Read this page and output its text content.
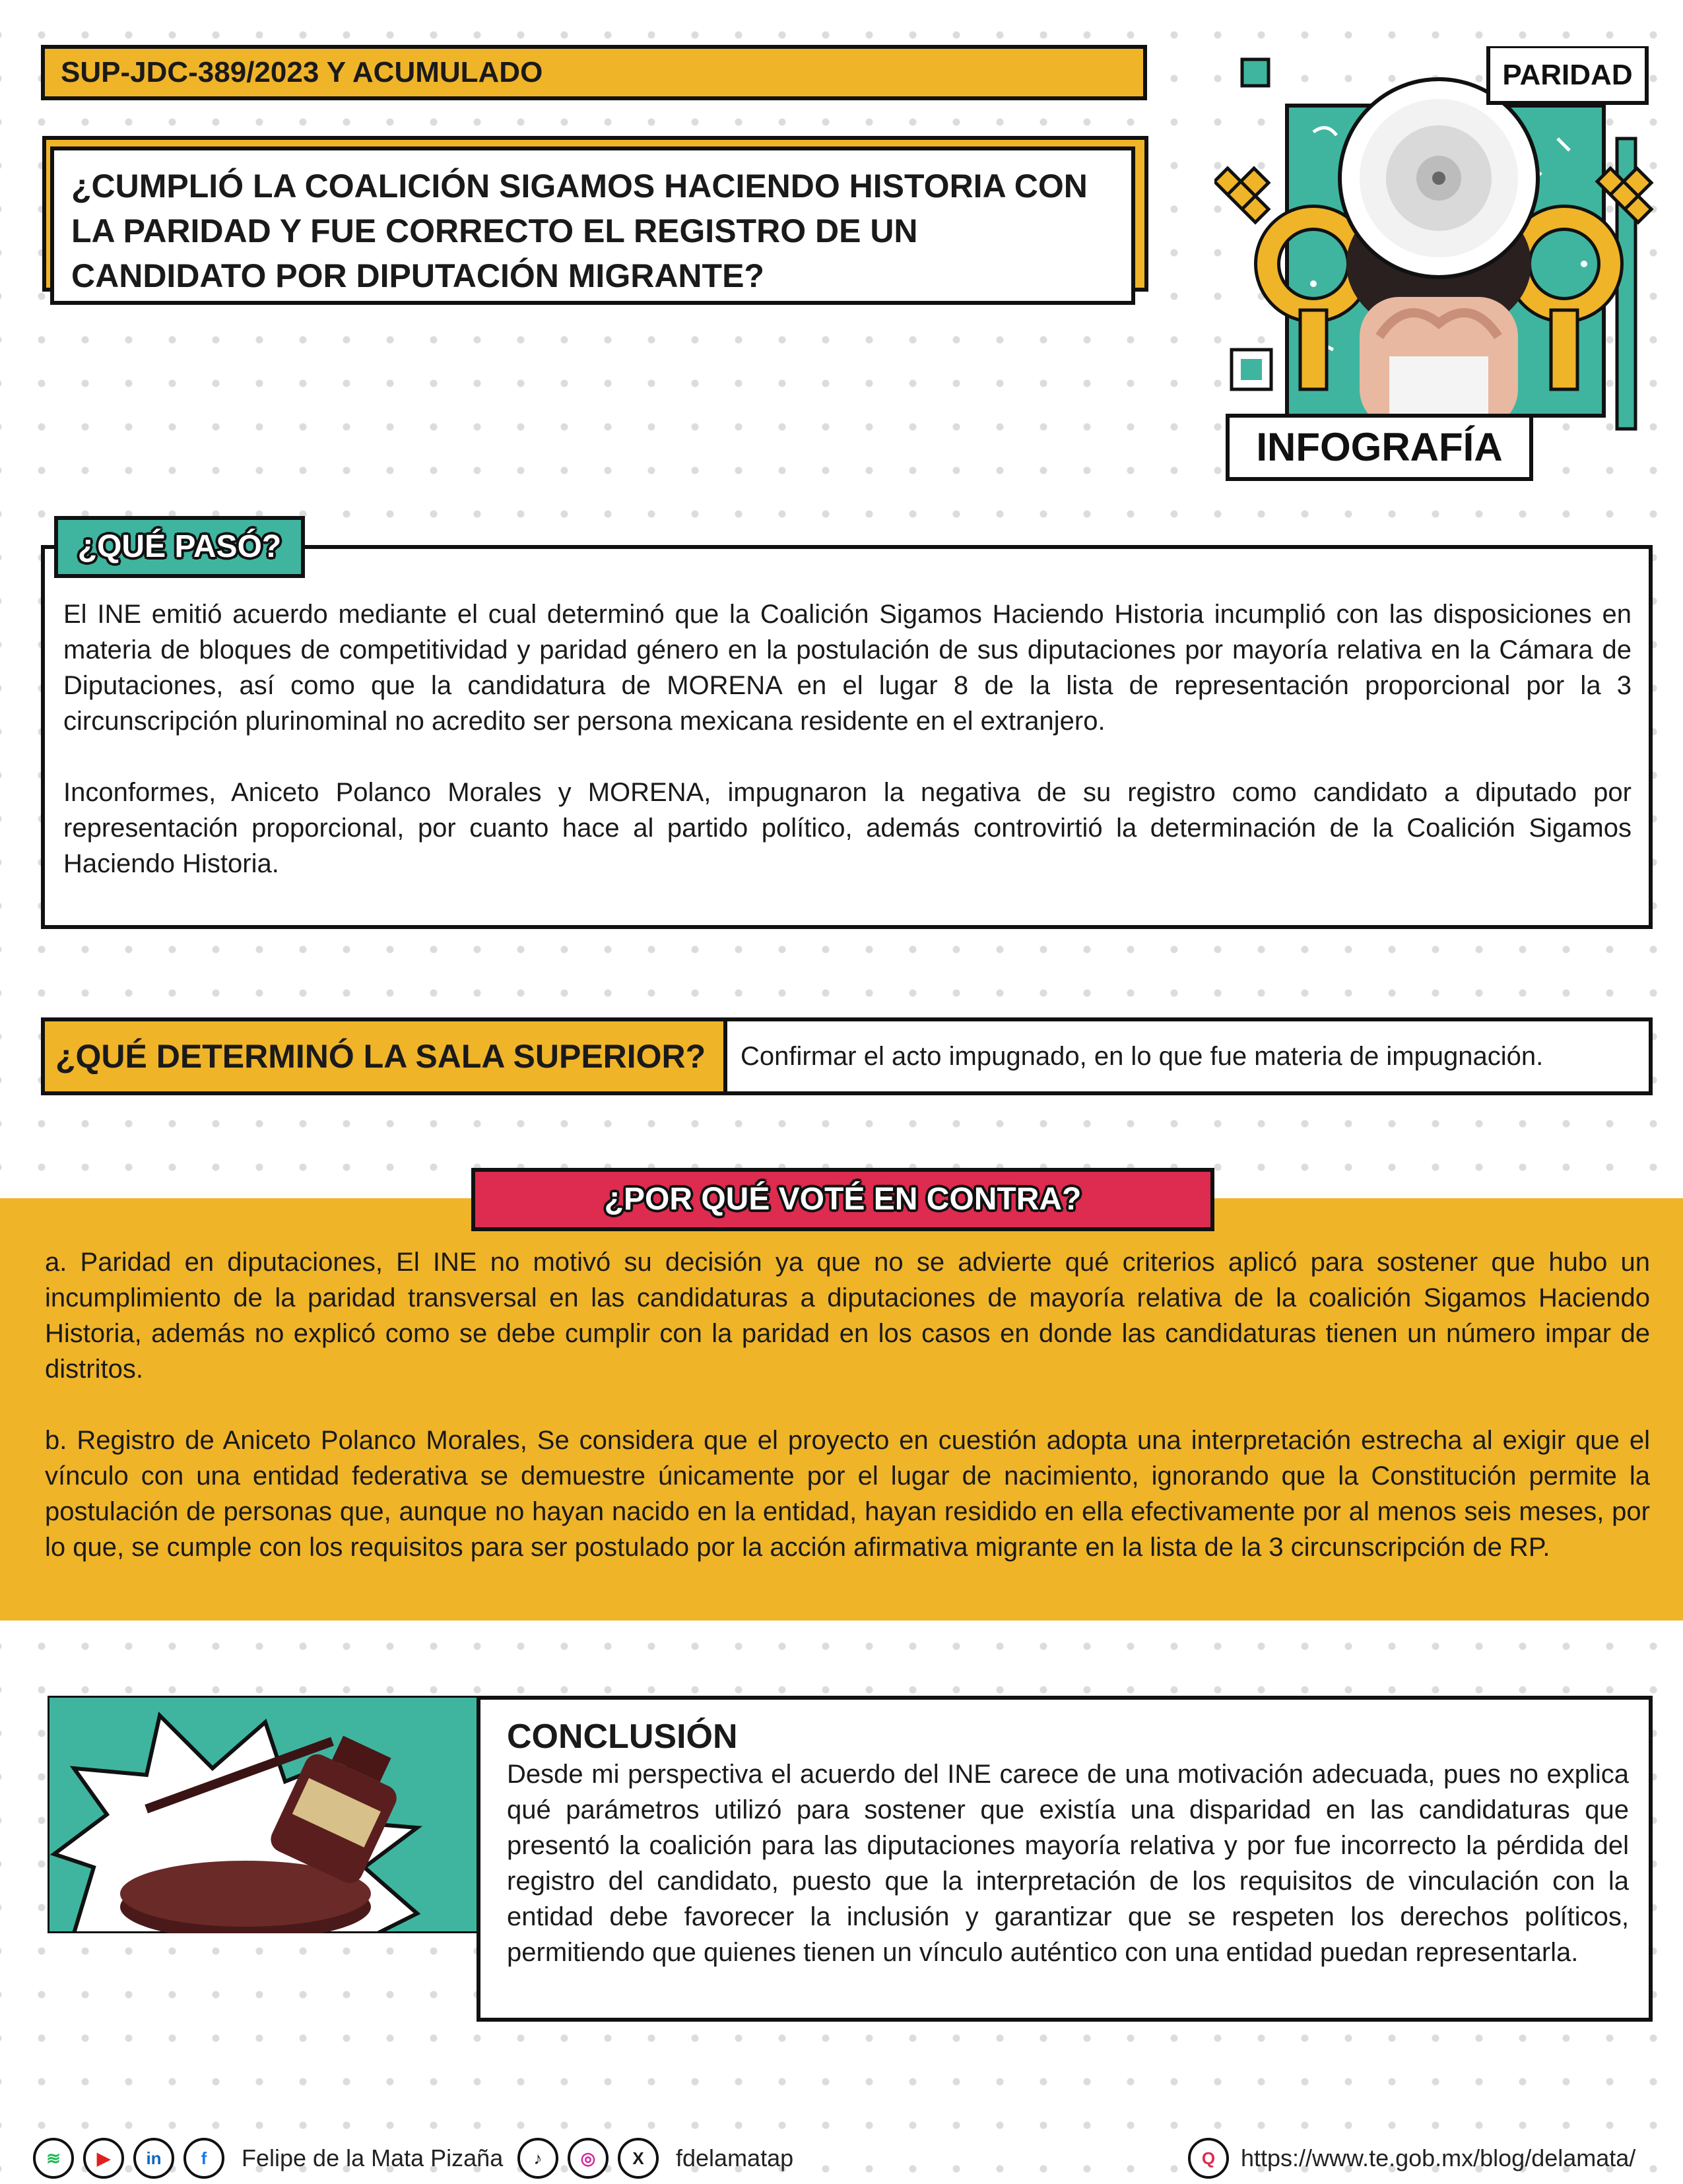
SUP-JDC-389/2023 Y ACUMULADO
¿CUMPLIÓ LA COALICIÓN SIGAMOS HACIENDO HISTORIA CON LA PARIDAD Y FUE CORRECTO EL REGISTRO DE UN CANDIDATO POR DIPUTACIÓN MIGRANTE?
PARIDAD
INFOGRAFÍA

El INE emitió acuerdo mediante el cual determinó que la Coalición Sigamos Haciendo Historia incumplió con las disposiciones en materia de bloques de competitividad y paridad género en la postulación de sus diputaciones por mayoría relativa en la Cámara de Diputaciones, así como que la candidatura de MORENA en el lugar 8 de la lista de representación proporcional por la 3 circunscripción plurinominal no acredito ser persona mexicana residente en el extranjero.

Inconformes, Aniceto Polanco Morales y MORENA, impugnaron la negativa de su registro como candidato a diputado por representación proporcional, por cuanto hace al partido político, además controvirtió la determinación de la Coalición Sigamos Haciendo Historia.

¿QUÉ PASÓ?
¿QUÉ DETERMINÓ LA SALA SUPERIOR?	Confirmar el acto impugnado, en lo que fue materia de impugnación.

a. Paridad en diputaciones, El INE no motivó su decisión ya que no se advierte qué criterios aplicó para sostener que hubo un incumplimiento de la paridad transversal en las candidaturas a diputaciones de mayoría relativa de la coalición Sigamos Haciendo Historia, además no explicó como se debe cumplir con la paridad en los casos en donde las candidaturas tienen un número impar de distritos.

b. Registro de Aniceto Polanco Morales, Se considera que el proyecto en cuestión adopta una interpretación estrecha al exigir que el vínculo con una entidad federativa se demuestre únicamente por el lugar de nacimiento, ignorando que la Constitución permite la postulación de personas que, aunque no hayan nacido en la entidad, hayan residido en ella efectivamente por al menos seis meses, por lo que, se cumple con los requisitos para ser postulado por la acción afirmativa migrante en la lista de la 3 circunscripción de RP.

¿POR QUÉ VOTÉ EN CONTRA?
CONCLUSIÓN

Desde mi perspectiva el acuerdo del INE carece de una motivación adecuada, pues no explica qué parámetros utilizó para sostener que existía una disparidad en las candidaturas que presentó la coalición para las diputaciones mayoría relativa y por fue incorrecto la pérdida del registro del candidato, puesto que la interpretación de los requisitos de vinculación con la entidad debe favorecer la inclusión y garantizar que se respeten los derechos políticos, permitiendo que quienes tienen un vínculo auténtico con una entidad puedan representarla.

≋	▶	in	f	Felipe de la Mata Pizaña	♪	◎	X	fdelamatap	Q	https://www.te.gob.mx/blog/delamata/
